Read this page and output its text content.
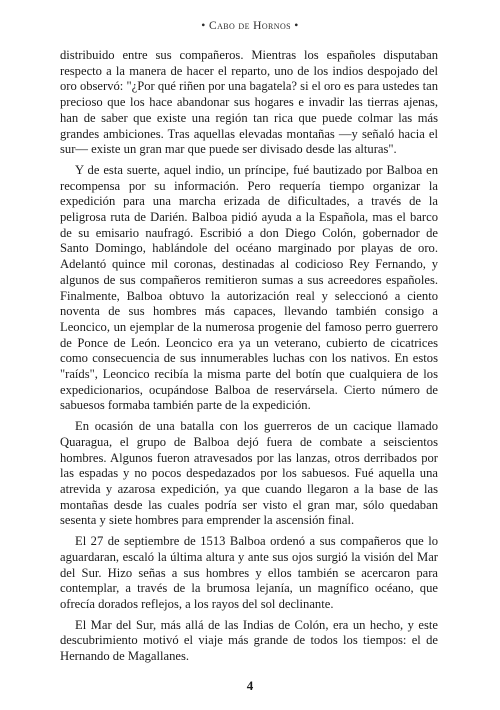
• Cabo de Hornos •

distribuido entre sus compañeros. Mientras los españoles disputaban respecto a la manera de hacer el reparto, uno de los indios despojado del oro observó: "¿Por qué riñen por una bagatela? si el oro es para ustedes tan precioso que los hace abandonar sus hogares e invadir las tierras ajenas, han de saber que existe una región tan rica que puede colmar las más grandes ambiciones. Tras aquellas elevadas montañas —y señaló hacia el sur— existe un gran mar que puede ser divisado desde las alturas".

Y de esta suerte, aquel indio, un príncipe, fué bautizado por Balboa en recompensa por su información. Pero requería tiempo organizar la expedición para una marcha erizada de dificultades, a través de la peligrosa ruta de Darién. Balboa pidió ayuda a la Española, mas el barco de su emisario naufragó. Escribió a don Diego Colón, gobernador de Santo Domingo, hablándole del océano marginado por playas de oro. Adelantó quince mil coronas, destinadas al codicioso Rey Fernando, y algunos de sus compañeros remitieron sumas a sus acreedores españoles. Finalmente, Balboa obtuvo la autorización real y seleccionó a ciento noventa de sus hombres más capaces, llevando también consigo a Leoncico, un ejemplar de la numerosa progenie del famoso perro guerrero de Ponce de León. Leoncico era ya un veterano, cubierto de cicatrices como consecuencia de sus innumerables luchas con los nativos. En estos "raíds", Leoncico recibía la misma parte del botín que cualquiera de los expedicionarios, ocupándose Balboa de reservársela. Cierto número de sabuesos formaba también parte de la expedición.

En ocasión de una batalla con los guerreros de un cacique llamado Quaragua, el grupo de Balboa dejó fuera de combate a seiscientos hombres. Algunos fueron atravesados por las lanzas, otros derribados por las espadas y no pocos despedazados por los sabuesos. Fué aquella una atrevida y azarosa expedición, ya que cuando llegaron a la base de las montañas desde las cuales podría ser visto el gran mar, sólo quedaban sesenta y siete hombres para emprender la ascensión final.

El 27 de septiembre de 1513 Balboa ordenó a sus compañeros que lo aguardaran, escaló la última altura y ante sus ojos surgió la visión del Mar del Sur. Hizo señas a sus hombres y ellos también se acercaron para contemplar, a través de la brumosa lejanía, un magnífico océano, que ofrecía dorados reflejos, a los rayos del sol declinante.

El Mar del Sur, más allá de las Indias de Colón, era un hecho, y este descubrimiento motivó el viaje más grande de todos los tiempos: el de Hernando de Magallanes.

4
